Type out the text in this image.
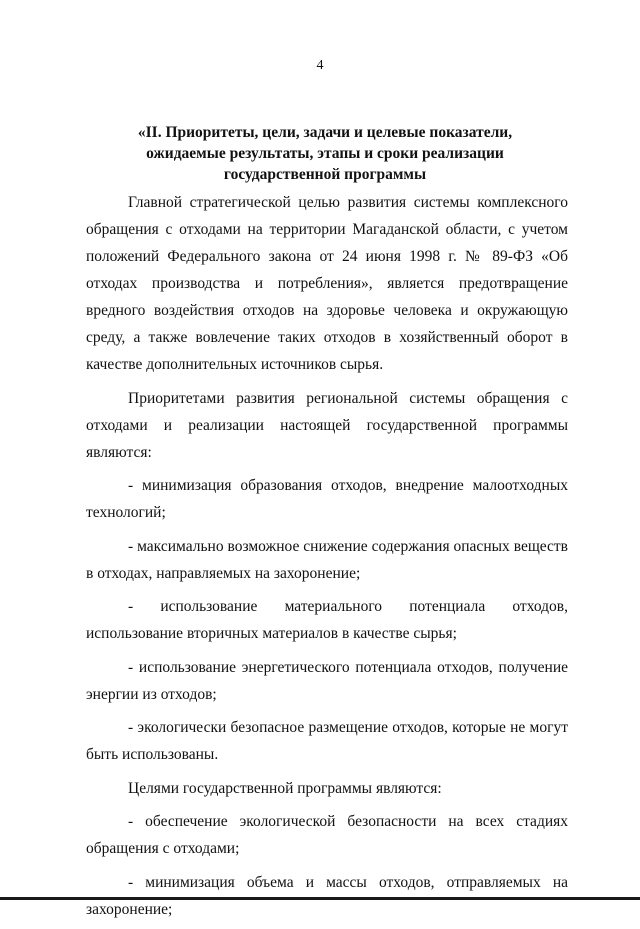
4
«II. Приоритеты, цели, задачи и целевые показатели,
ожидаемые результаты, этапы и сроки реализации
государственной программы

Главной стратегической целью развития системы комплексного обращения с отходами на территории Магаданской области, с учетом положений Федерального закона от 24 июня 1998 г. № 89-ФЗ «Об отходах производства и потребления», является предотвращение вредного воздействия отходов на здоровье человека и окружающую среду, а также вовлечение таких отходов в хозяйственный оборот в качестве дополнительных источников сырья.

Приоритетами развития региональной системы обращения с отходами и реализации настоящей государственной программы являются:

- минимизация образования отходов, внедрение малоотходных технологий;

- максимально возможное снижение содержания опасных веществ в отходах, направляемых на захоронение;

- использование материального потенциала отходов, использование вторичных материалов в качестве сырья;

- использование энергетического потенциала отходов, получение энергии из отходов;

- экологически безопасное размещение отходов, которые не могут быть использованы.

Целями государственной программы являются:

- обеспечение экологической безопасности на всех стадиях обращения с отходами;

- минимизация объема и массы отходов, отправляемых на захоронение;
